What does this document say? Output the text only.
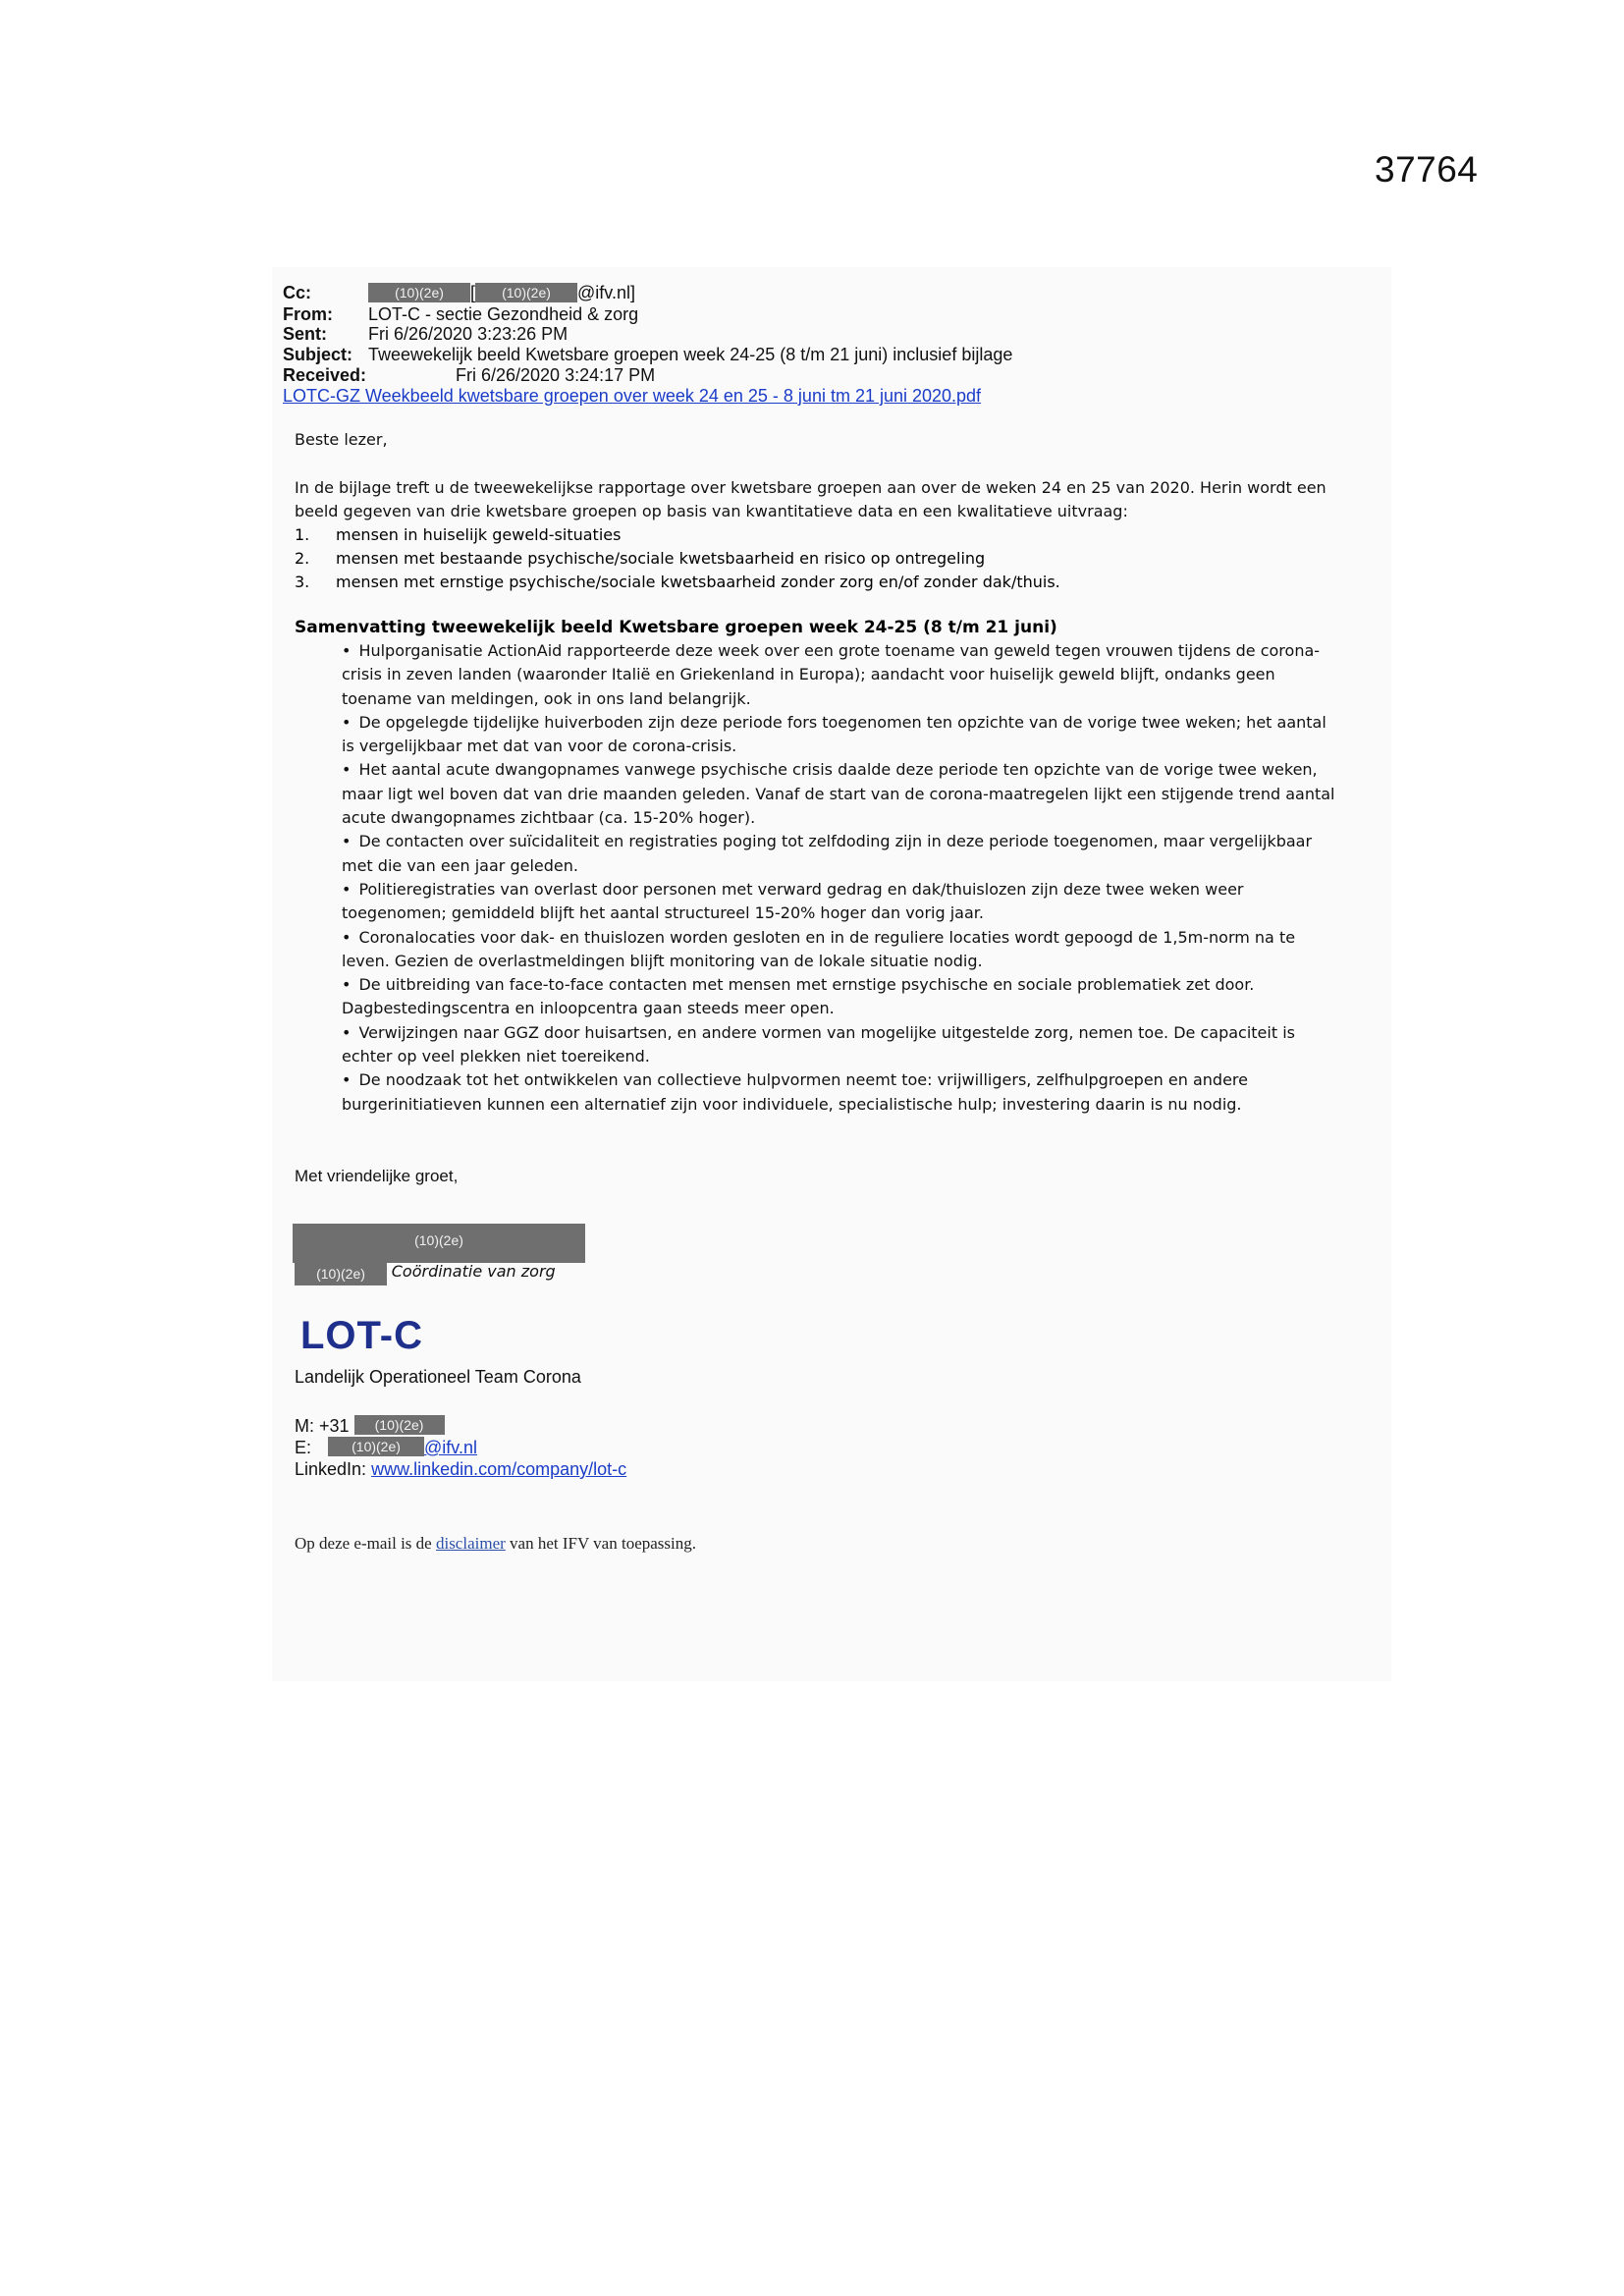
37764
Cc:	(10)(2e) [ (10)(2e) @ifv.nl]
From: LOT-C - sectie Gezondheid & zorg
Sent: Fri 6/26/2020 3:23:26 PM
Subject: Tweewekelijk beeld Kwetsbare groepen week 24-25 (8 t/m 21 juni) inclusief bijlage
Received:	Fri 6/26/2020 3:24:17 PM
LOTC-GZ Weekbeeld kwetsbare groepen over week 24 en 25 - 8 juni tm 21 juni 2020.pdf
Beste lezer,
In de bijlage treft u de tweewekelijkse rapportage over kwetsbare groepen aan over de weken 24 en 25 van 2020. Herin wordt een beeld gegeven van drie kwetsbare groepen op basis van kwantitatieve data en een kwalitatieve uitvraag:
1. mensen in huiselijk geweld-situaties
2. mensen met bestaande psychische/sociale kwetsbaarheid en risico op ontregeling
3. mensen met ernstige psychische/sociale kwetsbaarheid zonder zorg en/of zonder dak/thuis.
Samenvatting tweewekelijk beeld Kwetsbare groepen week 24-25 (8 t/m 21 juni)
• Hulporganisatie ActionAid rapporteerde deze week over een grote toename van geweld tegen vrouwen tijdens de corona-crisis in zeven landen (waaronder Italië en Griekenland in Europa); aandacht voor huiselijk geweld blijft, ondanks geen toename van meldingen, ook in ons land belangrijk.
• De opgelegde tijdelijke huiverboden zijn deze periode fors toegenomen ten opzichte van de vorige twee weken; het aantal is vergelijkbaar met dat van voor de corona-crisis.
• Het aantal acute dwangopnames vanwege psychische crisis daalde deze periode ten opzichte van de vorige twee weken, maar ligt wel boven dat van drie maanden geleden. Vanaf de start van de corona-maatregelen lijkt een stijgende trend aantal acute dwangopnames zichtbaar (ca. 15-20% hoger).
• De contacten over suïcidaliteit en registraties poging tot zelfdoding zijn in deze periode toegenomen, maar vergelijkbaar met die van een jaar geleden.
• Politieregistraties van overlast door personen met verward gedrag en dak/thuislozen zijn deze twee weken weer toegenomen; gemiddeld blijft het aantal structureel 15-20% hoger dan vorig jaar.
• Coronalocaties voor dak- en thuislozen worden gesloten en in de reguliere locaties wordt gepoogd de 1,5m-norm na te leven. Gezien de overlastmeldingen blijft monitoring van de lokale situatie nodig.
• De uitbreiding van face-to-face contacten met mensen met ernstige psychische en sociale problematiek zet door. Dagbestedingscentra en inloopcentra gaan steeds meer open.
• Verwijzingen naar GGZ door huisartsen, en andere vormen van mogelijke uitgestelde zorg, nemen toe. De capaciteit is echter op veel plekken niet toereikend.
• De noodzaak tot het ontwikkelen van collectieve hulpvormen neemt toe: vrijwilligers, zelfhulpgroepen en andere burgerinitiatieven kunnen een alternatief zijn voor individuele, specialistische hulp; investering daarin is nu nodig.
Met vriendelijke groet,
(10)(2e)
(10)(2e) Coördinatie van zorg
LOT-C
Landelijk Operationeel Team Corona
M: +31 (10)(2e)
E:	(10)(2e) @ifv.nl
LinkedIn: www.linkedin.com/company/lot-c
Op deze e-mail is de disclaimer van het IFV van toepassing.
